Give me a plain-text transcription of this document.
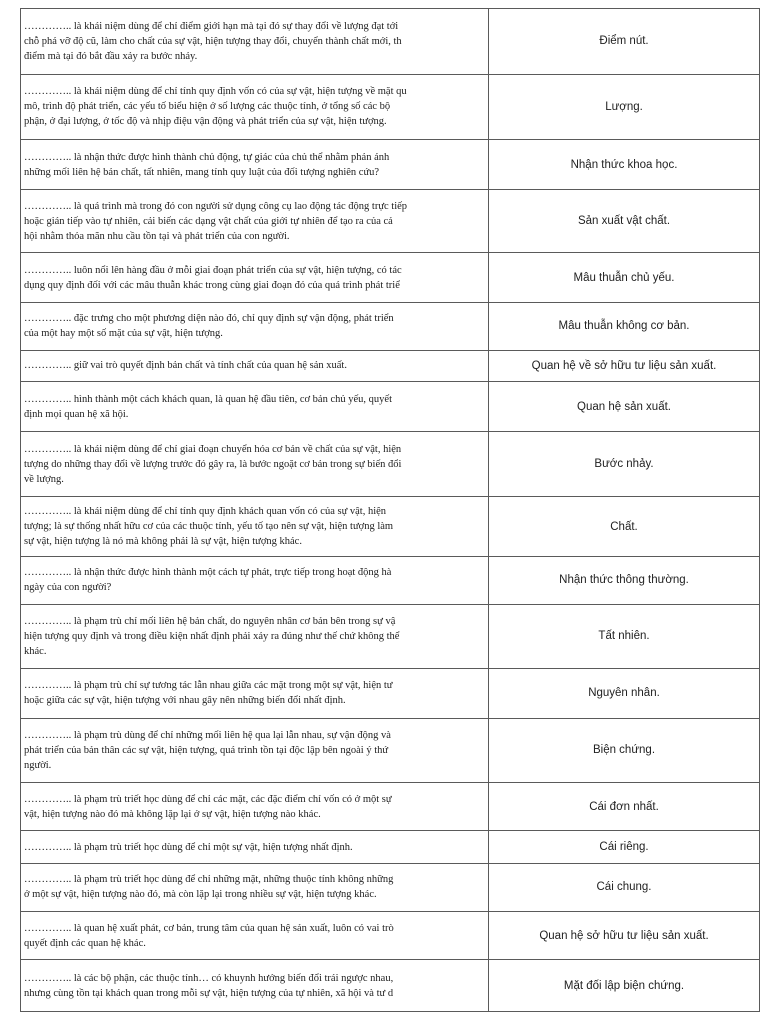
………….. là khái niệm dùng để chỉ điểm giới hạn mà tại đó sự thay đổi về lượng đạt tới
chỗ phá vỡ độ cũ, làm cho chất của sự vật, hiện tượng thay đổi, chuyển thành chất mới, th
điểm mà tại đó bắt đầu xảy ra bước nhảy.	Điểm nút.

………….. là khái niệm dùng để chỉ tính quy định vốn có của sự vật, hiện tượng về mặt qu
mô, trình độ phát triển, các yếu tố biểu hiện ở số lượng các thuộc tính, ở tổng số các bộ
phận, ở đại lượng, ở tốc độ và nhịp điệu vận động và phát triển của sự vật, hiện tượng.	Lượng.

………….. là nhận thức được hình thành chủ động, tự giác của chủ thể nhằm phản ánh
những mối liên hệ bản chất, tất nhiên, mang tính quy luật của đối tượng nghiên cứu?	Nhận thức khoa học.

………….. là quá trình mà trong đó con người sử dụng công cụ lao động tác động trực tiếp
hoặc gián tiếp vào tự nhiên, cải biến các dạng vật chất của giới tự nhiên để tạo ra của cả
hội nhằm thỏa mãn nhu cầu tồn tại và phát triển của con người.	Sản xuất vật chất.

………….. luôn nổi lên hàng đầu ở mỗi giai đoạn phát triển của sự vật, hiện tượng, có tác
dụng quy định đối với các mâu thuẫn khác trong cùng giai đoạn đó của quá trình phát triể	Mâu thuẫn chủ yếu.

………….. đặc trưng cho một phương diện nào đó, chỉ quy định sự vận động, phát triển
của một hay một số mặt của sự vật, hiện tượng.	Mâu thuẫn không cơ bản.

………….. giữ vai trò quyết định bản chất và tính chất của quan hệ sản xuất.	Quan hệ về sở hữu tư liệu sản xuất.

………….. hình thành một cách khách quan, là quan hệ đầu tiên, cơ bản chủ yếu, quyết
định mọi quan hệ xã hội.	Quan hệ sản xuất.

………….. là khái niệm dùng để chỉ giai đoạn chuyển hóa cơ bản về chất của sự vật, hiện
tượng do những thay đổi về lượng trước đó gây ra, là bước ngoặt cơ bản trong sự biến đổi
về lượng.	Bước nhảy.

………….. là khái niệm dùng để chỉ tính quy định khách quan vốn có của sự vật, hiện
tượng; là sự thống nhất hữu cơ của các thuộc tính, yếu tố tạo nên sự vật, hiện tượng làm
sự vật, hiện tượng là nó mà không phải là sự vật, hiện tượng khác.	Chất.

………….. là nhận thức được hình thành một cách tự phát, trực tiếp trong hoạt động hà
ngày của con người?	Nhận thức thông thường.

………….. là phạm trù chỉ mối liên hệ bản chất, do nguyên nhân cơ bản bên trong sự vậ
hiện tượng quy định và trong điều kiện nhất định phải xảy ra đúng như thế chứ không thể
khác.	Tất nhiên.

………….. là phạm trù chỉ sự tương tác lẫn nhau giữa các mặt trong một sự vật, hiện tư
hoặc giữa các sự vật, hiện tượng với nhau gây nên những biến đổi nhất định.	Nguyên nhân.

………….. là phạm trù dùng để chỉ những mối liên hệ qua lại lẫn nhau, sự vận động và
phát triển của bản thân các sự vật, hiện tượng, quá trình tồn tại độc lập bên ngoài ý thứ
người.	Biện chứng.

………….. là phạm trù triết học dùng để chỉ các mặt, các đặc điểm chỉ vốn có ở một sự
vật, hiện tượng nào đó mà không lặp lại ở sự vật, hiện tượng nào khác.	Cái đơn nhất.

………….. là phạm trù triết học dùng để chỉ một sự vật, hiện tượng nhất định.	Cái riêng.

………….. là phạm trù triết học dùng để chỉ những mặt, những thuộc tính không những
ở một sự vật, hiện tượng nào đó, mà còn lặp lại trong nhiều sự vật, hiện tượng khác.	Cái chung.

………….. là quan hệ xuất phát, cơ bản, trung tâm của quan hệ sản xuất, luôn có vai trò
quyết định các quan hệ khác.	Quan hệ sở hữu tư liệu sản xuất.

………….. là các bộ phận, các thuộc tính… có khuynh hướng biến đổi trái ngược nhau,
nhưng cùng tồn tại khách quan trong mỗi sự vật, hiện tượng của tự nhiên, xã hội và tư d	Mặt đối lập biện chứng.
